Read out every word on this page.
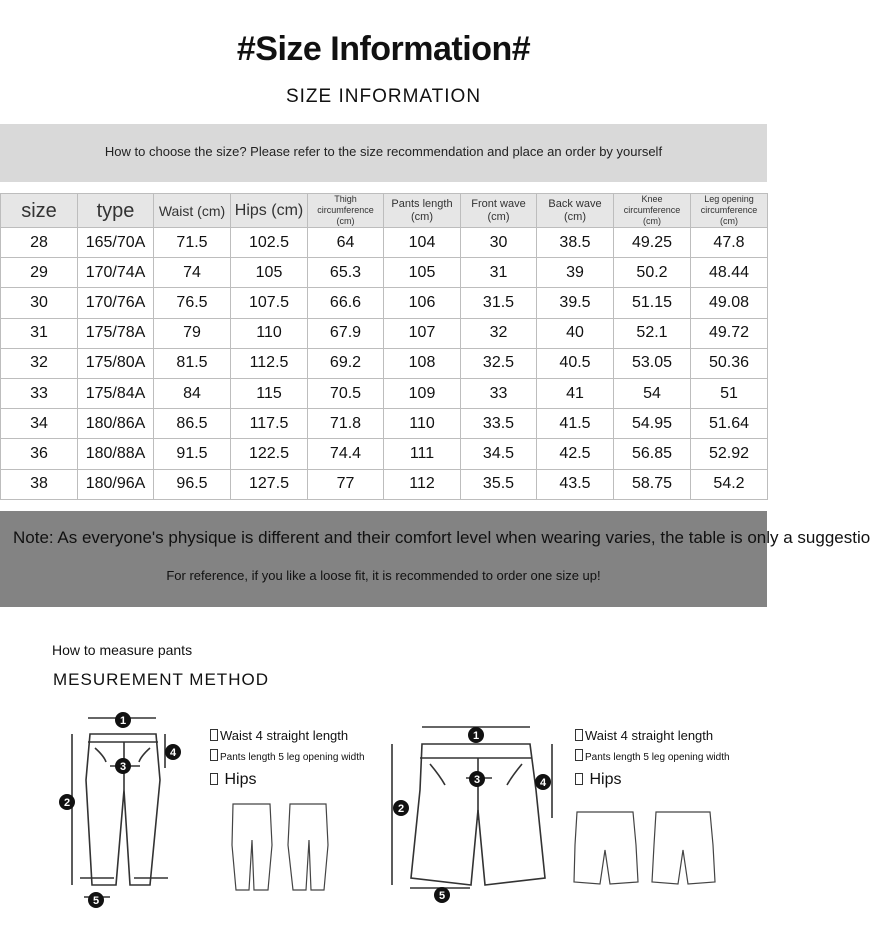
#Size Information#
SIZE INFORMATION
How to choose the size? Please refer to the size recommendation and place an order by yourself
size	type	Waist (cm)	Hips (cm)	Thigh circumference (cm)	Pants length (cm)	Front wave (cm)	Back wave (cm)	Knee circumference (cm)	Leg opening circumference (cm)
28	165/70A	71.5	102.5	64	104	30	38.5	49.25	47.8
29	170/74A	74	105	65.3	105	31	39	50.2	48.44
30	170/76A	76.5	107.5	66.6	106	31.5	39.5	51.15	49.08
31	175/78A	79	110	67.9	107	32	40	52.1	49.72
32	175/80A	81.5	112.5	69.2	108	32.5	40.5	53.05	50.36
33	175/84A	84	115	70.5	109	33	41	54	51
34	180/86A	86.5	117.5	71.8	110	33.5	41.5	54.95	51.64
36	180/88A	91.5	122.5	74.4	111	34.5	42.5	56.85	52.92
38	180/96A	96.5	127.5	77	112	35.5	43.5	58.75	54.2
Note: As everyone's physique is different and their comfort level when wearing varies, the table is only a suggestio
For reference, if you like a loose fit, it is recommended to order one size up!
How to measure pants
MESUREMENT METHOD
Waist 4 straight length
Pants length 5 leg opening width
Hips
Waist 4 straight length
Pants length 5 leg opening width
Hips
1
2
3
4
5
1
2
3	4
5
